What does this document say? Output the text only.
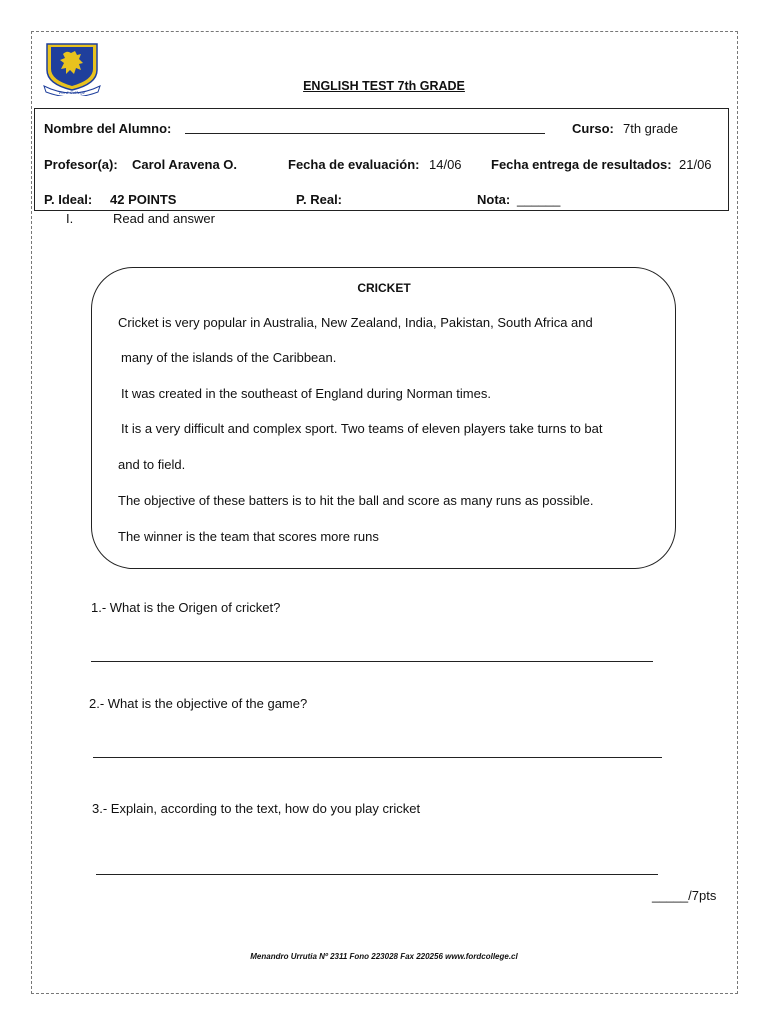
Ford College	ENGLISH TEST 7th GRADE
Nombre del Alumno:	Curso: 7th grade
Profesor(a): Carol Aravena O.	Fecha de evaluación: 14/06 Fecha entrega de resultados: 21/06
P. Ideal: 42 POINTS	P. Real:	Nota: ______
I.	Read and answer
CRICKET
Cricket is very popular in Australia, New Zealand, India, Pakistan, South Africa and
many of the islands of the Caribbean.
It was created in the southeast of England during Norman times.
It is a very difficult and complex sport. Two teams of eleven players take turns to bat
and to field.
The objective of these batters is to hit the ball and score as many runs as possible.
The winner is the team that scores more runs
1.- What is the Origen of cricket?
2.- What is the objective of the game?
3.- Explain, according to the text, how do you play cricket
_____/7pts
Menandro Urrutia Nº 2311 Fono 223028 Fax 220256 www.fordcollege.cl
